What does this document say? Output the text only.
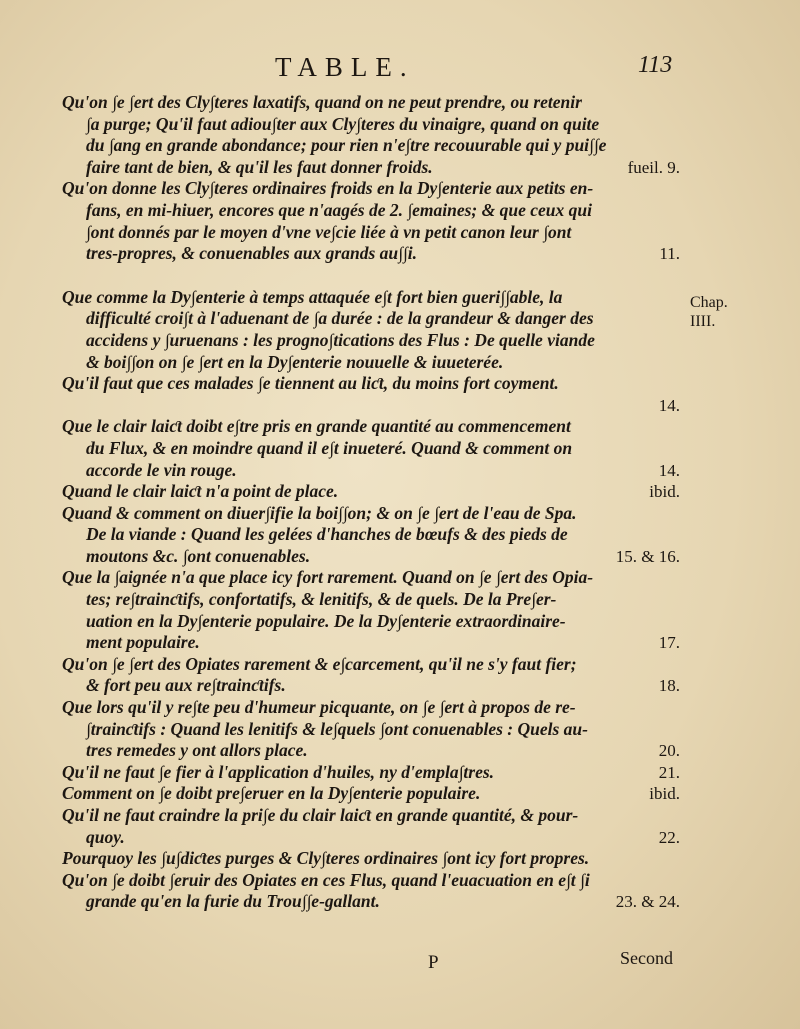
TABLE.	113
Chap.
IIII.
Qu'on ∫e ∫ert des Cly∫teres laxatifs, quand on ne peut prendre, ou retenir
∫a purge; Qu'il faut adiou∫ter aux Cly∫teres du vinaigre, quand on quite
du ∫ang en grande abondance; pour rien n'e∫tre recouurable qui y pui∫∫e
faire tant de bien, & qu'il les faut donner froids.	fueil. 9.
Qu'on donne les Cly∫teres ordinaires froids en la Dy∫enterie aux petits en-
fans, en mi-hiuer, encores que n'aagés de 2. ∫emaines; & que ceux qui
∫ont donnés par le moyen d'vne ve∫cie liée à vn petit canon leur ∫ont
tres-propres, & conuenables aux grands au∫∫i.	11.
Que comme la Dy∫enterie à temps attaquée e∫t fort bien gueri∫∫able, la
difficulté croi∫t à l'aduenant de ∫a durée : de la grandeur & danger des
accidens y ∫uruenans : les progno∫tications des Flus : De quelle viande
& boi∫∫on on ∫e ∫ert en la Dy∫enterie nouuelle & iuueterée.
Qu'il faut que ces malades ∫e tiennent au liƈt, du moins fort coyment.
14.
Que le clair laiƈt doibt e∫tre pris en grande quantité au commencement
du Flux, & en moindre quand il e∫t inueteré. Quand & comment on
accorde le vin rouge.	14.
Quand le clair laiƈt n'a point de place.	ibid.
Quand & comment on diuer∫ifie la boi∫∫on; & on ∫e ∫ert de l'eau de Spa.
De la viande : Quand les gelées d'hanches de bœufs & des pieds de
moutons &c. ∫ont conuenables.	15. & 16.
Que la ∫aignée n'a que place icy fort rarement. Quand on ∫e ∫ert des Opia-
tes; re∫trainƈtifs, confortatifs, & lenitifs, & de quels. De la Pre∫er-
uation en la Dy∫enterie populaire. De la Dy∫enterie extraordinaire-
ment populaire.	17.
Qu'on ∫e ∫ert des Opiates rarement & e∫carcement, qu'il ne s'y faut fier;
& fort peu aux re∫trainƈtifs.	18.
Que lors qu'il y re∫te peu d'humeur picquante, on ∫e ∫ert à propos de re-
∫trainƈtifs : Quand les lenitifs & le∫quels ∫ont conuenables : Quels au-
tres remedes y ont allors place.	20.
Qu'il ne faut ∫e fier à l'application d'huiles, ny d'empla∫tres.	21.
Comment on ∫e doibt pre∫eruer en la Dy∫enterie populaire.	ibid.
Qu'il ne faut craindre la pri∫e du clair laiƈt en grande quantité, & pour-
quoy.	22.
Pourquoy les ∫u∫diƈtes purges & Cly∫teres ordinaires ∫ont icy fort propres.
Qu'on ∫e doibt ∫eruir des Opiates en ces Flus, quand l'euacuation en e∫t ∫i
grande qu'en la furie du Trou∫∫e-gallant.	23. & 24.
P	Second
